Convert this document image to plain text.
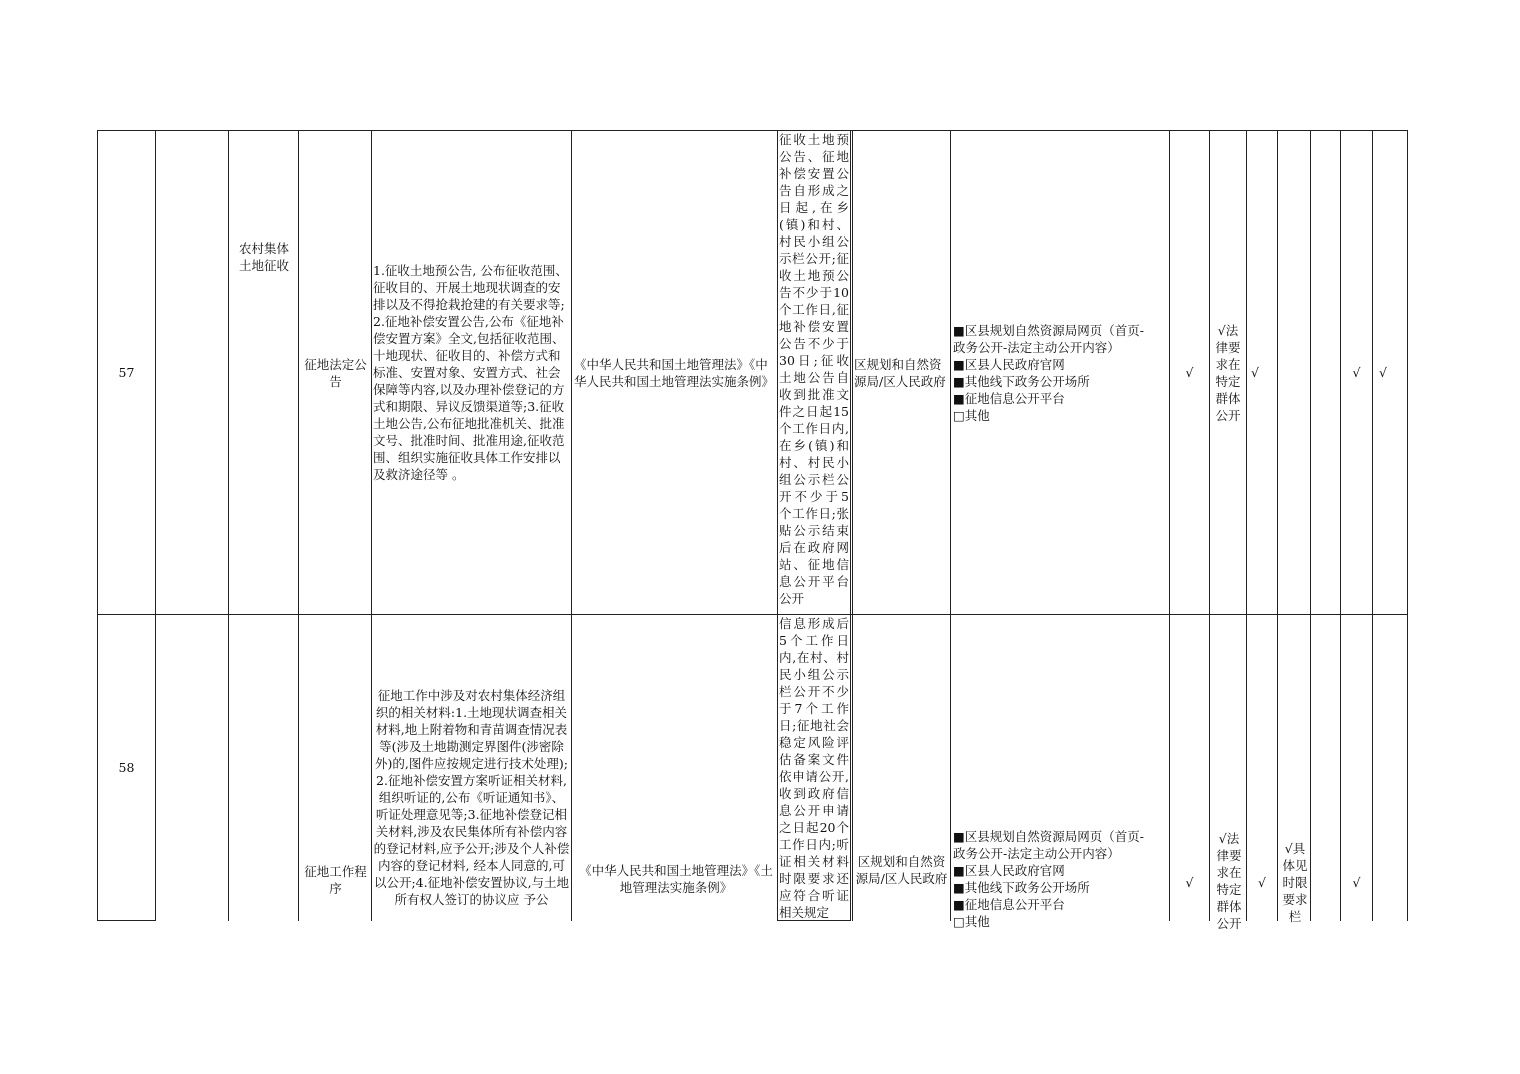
57
农村集体土地征收
征地法定公告
1.征收土地预公告, 公布征收范围、征收目的、开展土地现状调查的安排以及不得抢栽抢建的有关要求等;2.征地补偿安置公告,公布《征地补偿安置方案》全文,包括征收范围、十地现状、征收目的、补偿方式和标准、安置对象、安置方式、社会保障等内容,以及办理补偿登记的方式和期限、异议反馈渠道等;3.征收土地公告,公布征地批准机关、批准文号、批准时间、批准用途,征收范围、组织实施征收具体工作安排以及救济途径等 。
《中华人民共和国土地管理法》《中华人民共和国土地管理法实施条例》
征收土地预公告、征地补偿安置公告自形成之日起,在乡(镇)和村、村民小组公示栏公开;征收土地预公告不少于10个工作日,征地补偿安置公告不少于30日;征收土地公告自收到批准文件之日起15个工作日内,在乡(镇)和村、村民小组公示栏公开不少于5个工作日;张贴公示结束后在政府网站、征地信息公开平台公开
区规划和自然资源局/区人民政府
■区县规划自然资源局网页（首页-
政务公开-法定主动公开内容）
■区县人民政府官网
■其他线下政务公开场所
■征地信息公开平台
□其他
√
√法律要求在特定群体公开
√	√	√
58
征地工作程序
征地工作中涉及对农村集体经济组织的相关材料:1.土地现状调查相关材料,地上附着物和青苗调查情况表等(涉及土地勘测定界图件(涉密除外)的,图件应按规定进行技术处理);2.征地补偿安置方案听证相关材料,组织听证的,公布《听证通知书》、听证处理意见等;3.征地补偿登记相关材料,涉及农民集体所有补偿内容的登记材料,应予公开;涉及个人补偿内容的登记材料, 经本人同意的,可以公开;4.征地补偿安置协议,与土地所有权人签订的协议应 予公
《中华人民共和国土地管理法》《土 地管理法实施条例》
信息形成后5个工作日内,在村、村民小组公示栏公开不少于7个工作日;征地社会稳定风险评估备案文件依申请公开,收到政府信息公开申请之日起20个工作日内;听证相关材料时限要求还应符合听证相关规定
区规划和自然资源局/区人民政府
■区县规划自然资源局网页（首页-
政务公开-法定主动公开内容）
■区县人民政府官网
■其他线下政务公开场所
■征地信息公开平台
□其他
√
√法律要求在特定群体公开
√
√具体见时限要求栏
√
